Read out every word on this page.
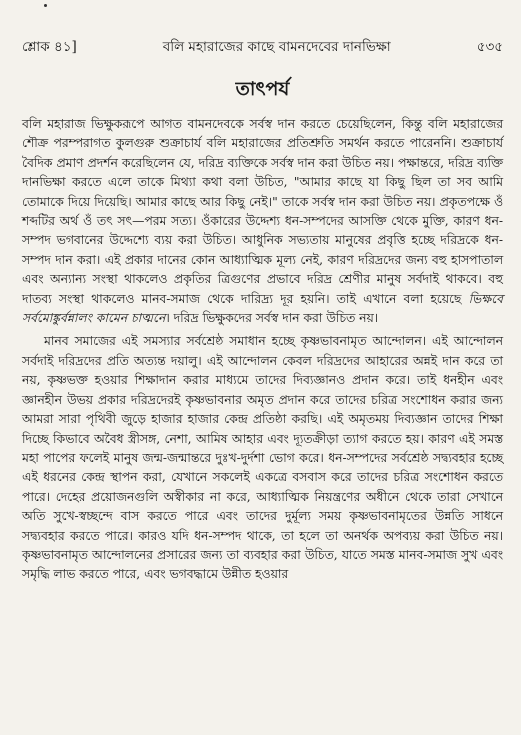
শ্লোক ৪১]	বলি মহারাজের কাছে বামনদেবের দানভিক্ষা	৫৩৫
তাৎপর্য

বলি মহারাজ ভিক্ষুকরূপে আগত বামনদেবকে সর্বস্ব দান করতে চেয়েছিলেন, কিন্তু বলি মহারাজের শৌক্র পরম্পরাগত কুলগুরু শুক্রাচার্য বলি মহারাজের প্রতিশ্রুতি সমর্থন করতে পারেননি। শুক্রাচার্য বৈদিক প্রমাণ প্রদর্শন করেছিলেন যে, দরিদ্র ব্যক্তিকে সর্বস্ব দান করা উচিত নয়। পক্ষান্তরে, দরিদ্র ব্যক্তি দানভিক্ষা করতে এলে তাকে মিথ্যা কথা বলা উচিত, "আমার কাছে যা কিছু ছিল তা সব আমি তোমাকে দিয়ে দিয়েছি। আমার কাছে আর কিছু নেই।" তাকে সর্বস্ব দান করা উচিত নয়। প্রকৃতপক্ষে ওঁ শব্দটির অর্থ ওঁ তৎ সৎ—পরম সত্য। ওঁকারের উদ্দেশ্য ধন-সম্পদের আসক্তি থেকে মুক্তি, কারণ ধন-সম্পদ ভগবানের উদ্দেশ্যে ব্যয় করা উচিত। আধুনিক সভ্যতায় মানুষের প্রবৃত্তি হচ্ছে দরিদ্রকে ধন-সম্পদ দান করা। এই প্রকার দানের কোন আধ্যাত্মিক মূল্য নেই, কারণ দরিদ্রদের জন্য বহু হাসপাতাল এবং অন্যান্য সংস্থা থাকলেও প্রকৃতির ত্রিগুণের প্রভাবে দরিদ্র শ্রেণীর মানুষ সর্বদাই থাকবে। বহু দাতব্য সংস্থা থাকলেও মানব-সমাজ থেকে দারিদ্র্য দূর হয়নি। তাই এখানে বলা হয়েছে ভিক্ষবে সর্বমোঙ্কুর্বন্নালং কামেন চাত্মনে। দরিদ্র ভিক্ষুকদের সর্বস্ব দান করা উচিত নয়।

মানব সমাজের এই সমস্যার সর্বশ্রেষ্ঠ সমাধান হচ্ছে কৃষ্ণভাবনামৃত আন্দোলন। এই আন্দোলন সর্বদাই দরিদ্রদের প্রতি অত্যন্ত দয়ালু। এই আন্দোলন কেবল দরিদ্রদের আহারের অন্নই দান করে তা নয়, কৃষ্ণভক্ত হওয়ার শিক্ষাদান করার মাধ্যমে তাদের দিব্যজ্ঞানও প্রদান করে। তাই ধনহীন এবং জ্ঞানহীন উভয় প্রকার দরিদ্রদেরই কৃষ্ণভাবনার অমৃত প্রদান করে তাদের চরিত্র সংশোধন করার জন্য আমরা সারা পৃথিবী জুড়ে হাজার হাজার কেন্দ্র প্রতিষ্ঠা করছি। এই অমৃতময় দিব্যজ্ঞান তাদের শিক্ষা দিচ্ছে কিভাবে অবৈধ স্ত্রীসঙ্গ, নেশা, আমিষ আহার এবং দ্যূতক্রীড়া ত্যাগ করতে হয়। কারণ এই সমস্ত মহা পাপের ফলেই মানুষ জন্ম-জন্মান্তরে দুঃখ-দুর্দশা ভোগ করে। ধন-সম্পদের সর্বশ্রেষ্ঠ সদ্ব্যবহার হচ্ছে এই ধরনের কেন্দ্র স্থাপন করা, যেখানে সকলেই একত্রে বসবাস করে তাদের চরিত্র সংশোধন করতে পারে। দেহের প্রয়োজনগুলি অস্বীকার না করে, আধ্যাত্মিক নিয়ন্ত্রণের অধীনে থেকে তারা সেখানে অতি সুখে-স্বচ্ছন্দে বাস করতে পারে এবং তাদের দুর্মূল্য সময় কৃষ্ণভাবনামৃতের উন্নতি সাধনে সদ্ব্যবহার করতে পারে। কারও যদি ধন-সম্পদ থাকে, তা হলে তা অনর্থক অপব্যয় করা উচিত নয়। কৃষ্ণভাবনামৃত আন্দোলনের প্রসারের জন্য তা ব্যবহার করা উচিত, যাতে সমস্ত মানব-সমাজ সুখ এবং সমৃদ্ধি লাভ করতে পারে, এবং ভগবদ্ধামে উন্নীত হওয়ার
